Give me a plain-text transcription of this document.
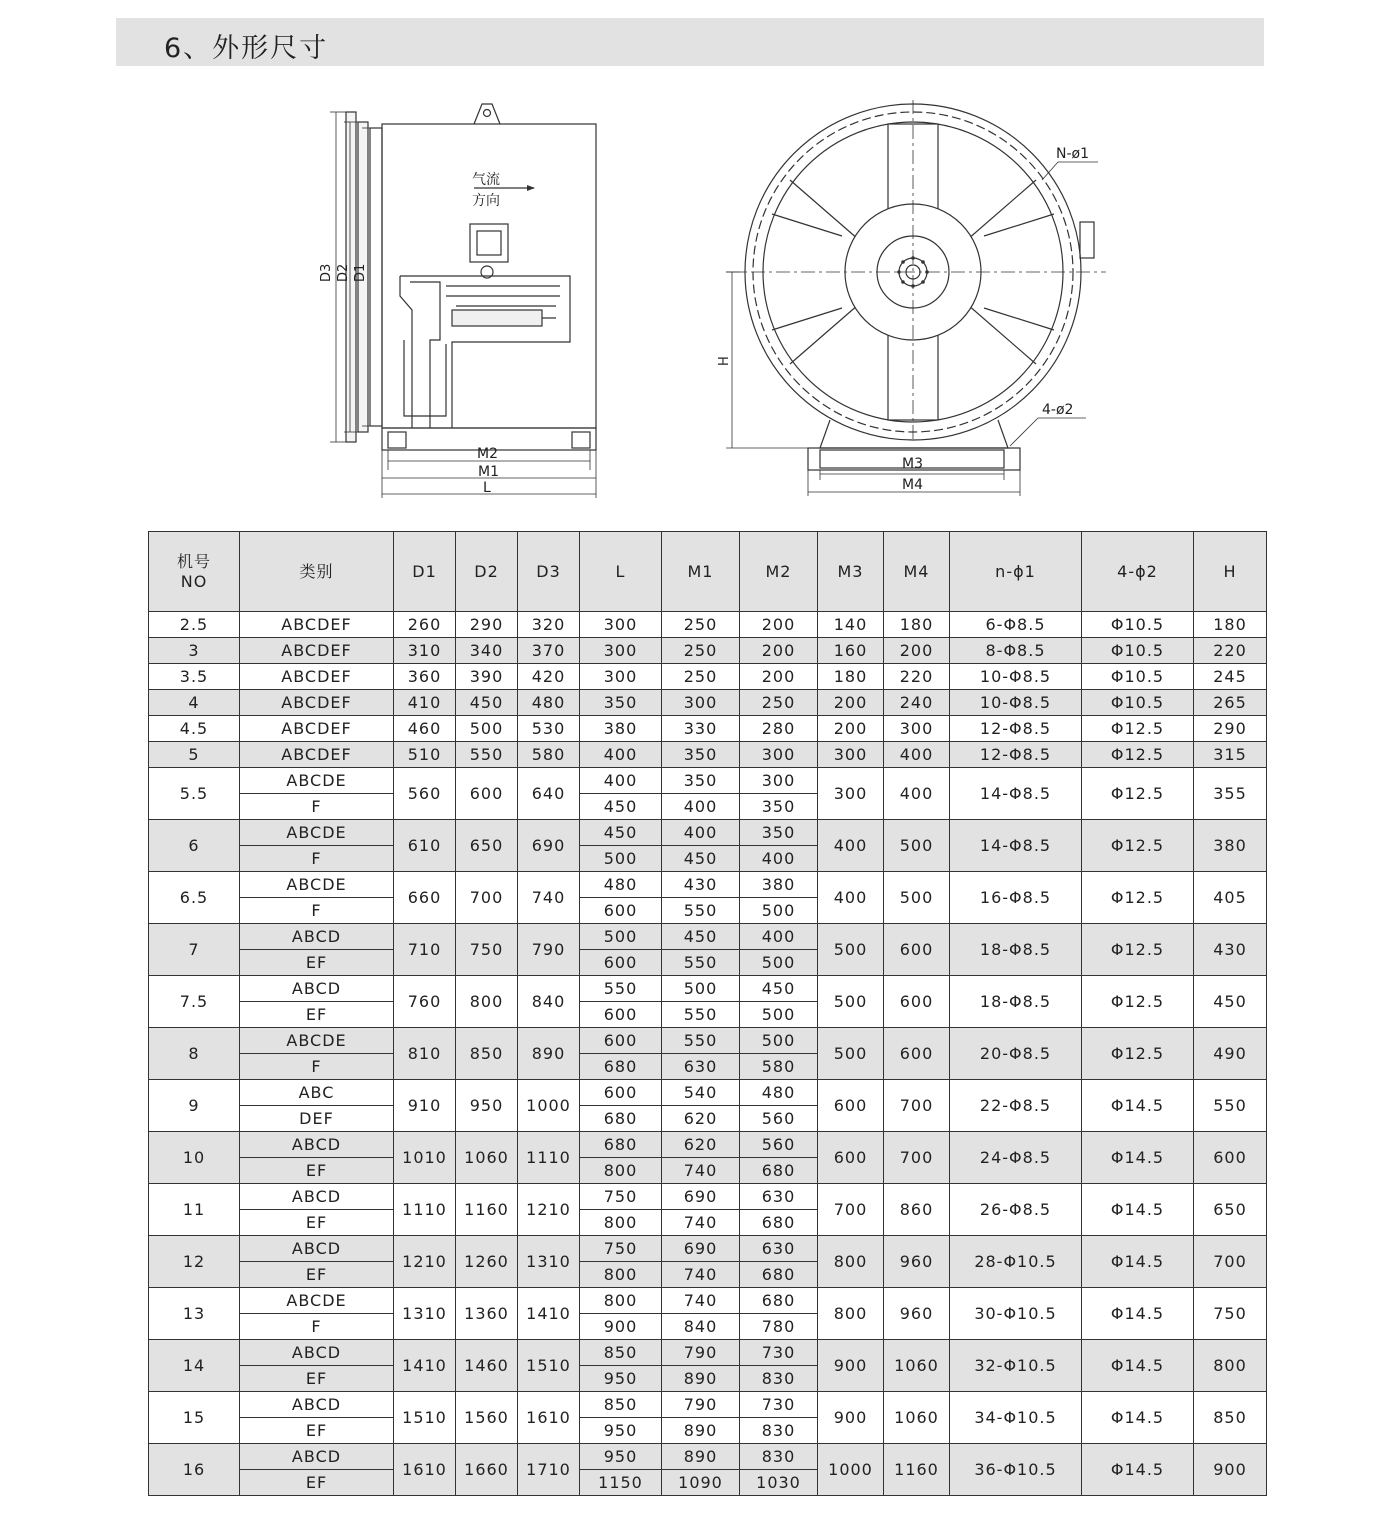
6、外形尺寸
气流
方向
D3 D2 D1
M2
M1
L
N-ø1
4-ø2
H
M3
M4
机号
NO	类别	D1	D2	D3	L	M1	M2	M3	M4	n-ϕ1	4-ϕ2	H
2.5	ABCDEF	260	290	320	300	250	200	140	180	6-Φ8.5	Φ10.5	180
3	ABCDEF	310	340	370	300	250	200	160	200	8-Φ8.5	Φ10.5	220
3.5	ABCDEF	360	390	420	300	250	200	180	220	10-Φ8.5	Φ10.5	245
4	ABCDEF	410	450	480	350	300	250	200	240	10-Φ8.5	Φ10.5	265
4.5	ABCDEF	460	500	530	380	330	280	200	300	12-Φ8.5	Φ12.5	290
5	ABCDEF	510	550	580	400	350	300	300	400	12-Φ8.5	Φ12.5	315
5.5	ABCDE	560	600	640	400	350	300	300	400	14-Φ8.5	Φ12.5	355
	F				450	400	350					
6	ABCDE	610	650	690	450	400	350	400	500	14-Φ8.5	Φ12.5	380
	F				500	450	400					
6.5	ABCDE	660	700	740	480	430	380	400	500	16-Φ8.5	Φ12.5	405
	F				600	550	500					
7	ABCD	710	750	790	500	450	400	500	600	18-Φ8.5	Φ12.5	430
	EF				600	550	500					
7.5	ABCD	760	800	840	550	500	450	500	600	18-Φ8.5	Φ12.5	450
	EF				600	550	500					
8	ABCDE	810	850	890	600	550	500	500	600	20-Φ8.5	Φ12.5	490
	F				680	630	580					
9	ABC	910	950	1000	600	540	480	600	700	22-Φ8.5	Φ14.5	550
	DEF				680	620	560					
10	ABCD	1010	1060	1110	680	620	560	600	700	24-Φ8.5	Φ14.5	600
	EF				800	740	680					
11	ABCD	1110	1160	1210	750	690	630	700	860	26-Φ8.5	Φ14.5	650
	EF				800	740	680					
12	ABCD	1210	1260	1310	750	690	630	800	960	28-Φ10.5	Φ14.5	700
	EF				800	740	680					
13	ABCDE	1310	1360	1410	800	740	680	800	960	30-Φ10.5	Φ14.5	750
	F				900	840	780					
14	ABCD	1410	1460	1510	850	790	730	900	1060	32-Φ10.5	Φ14.5	800
	EF				950	890	830					
15	ABCD	1510	1560	1610	850	790	730	900	1060	34-Φ10.5	Φ14.5	850
	EF				950	890	830					
16	ABCD	1610	1660	1710	950	890	830	1000	1160	36-Φ10.5	Φ14.5	900
	EF				1150	1090	1030					
